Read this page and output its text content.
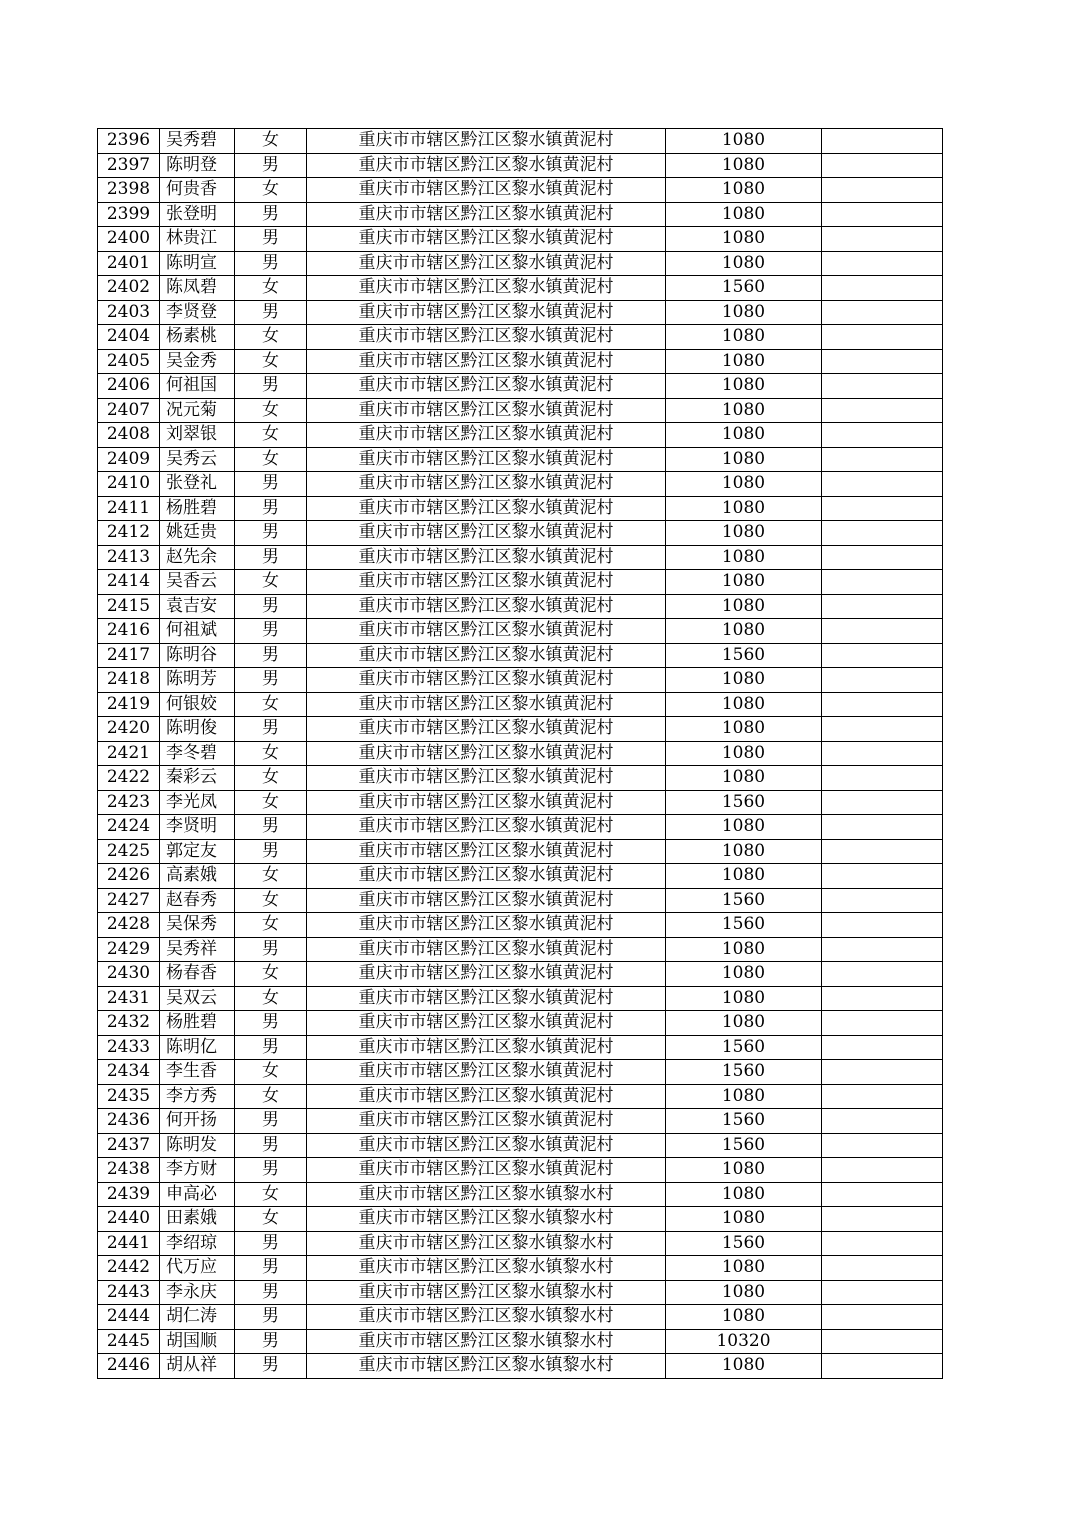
2396	吴秀碧	女	重庆市市辖区黔江区黎水镇黄泥村	1080	
2397	陈明登	男	重庆市市辖区黔江区黎水镇黄泥村	1080	
2398	何贵香	女	重庆市市辖区黔江区黎水镇黄泥村	1080	
2399	张登明	男	重庆市市辖区黔江区黎水镇黄泥村	1080	
2400	林贵江	男	重庆市市辖区黔江区黎水镇黄泥村	1080	
2401	陈明宣	男	重庆市市辖区黔江区黎水镇黄泥村	1080	
2402	陈凤碧	女	重庆市市辖区黔江区黎水镇黄泥村	1560	
2403	李贤登	男	重庆市市辖区黔江区黎水镇黄泥村	1080	
2404	杨素桃	女	重庆市市辖区黔江区黎水镇黄泥村	1080	
2405	吴金秀	女	重庆市市辖区黔江区黎水镇黄泥村	1080	
2406	何祖国	男	重庆市市辖区黔江区黎水镇黄泥村	1080	
2407	况元菊	女	重庆市市辖区黔江区黎水镇黄泥村	1080	
2408	刘翠银	女	重庆市市辖区黔江区黎水镇黄泥村	1080	
2409	吴秀云	女	重庆市市辖区黔江区黎水镇黄泥村	1080	
2410	张登礼	男	重庆市市辖区黔江区黎水镇黄泥村	1080	
2411	杨胜碧	男	重庆市市辖区黔江区黎水镇黄泥村	1080	
2412	姚廷贵	男	重庆市市辖区黔江区黎水镇黄泥村	1080	
2413	赵先余	男	重庆市市辖区黔江区黎水镇黄泥村	1080	
2414	吴香云	女	重庆市市辖区黔江区黎水镇黄泥村	1080	
2415	袁吉安	男	重庆市市辖区黔江区黎水镇黄泥村	1080	
2416	何祖斌	男	重庆市市辖区黔江区黎水镇黄泥村	1080	
2417	陈明谷	男	重庆市市辖区黔江区黎水镇黄泥村	1560	
2418	陈明芳	男	重庆市市辖区黔江区黎水镇黄泥村	1080	
2419	何银姣	女	重庆市市辖区黔江区黎水镇黄泥村	1080	
2420	陈明俊	男	重庆市市辖区黔江区黎水镇黄泥村	1080	
2421	李冬碧	女	重庆市市辖区黔江区黎水镇黄泥村	1080	
2422	秦彩云	女	重庆市市辖区黔江区黎水镇黄泥村	1080	
2423	李光凤	女	重庆市市辖区黔江区黎水镇黄泥村	1560	
2424	李贤明	男	重庆市市辖区黔江区黎水镇黄泥村	1080	
2425	郭定友	男	重庆市市辖区黔江区黎水镇黄泥村	1080	
2426	高素娥	女	重庆市市辖区黔江区黎水镇黄泥村	1080	
2427	赵春秀	女	重庆市市辖区黔江区黎水镇黄泥村	1560	
2428	吴保秀	女	重庆市市辖区黔江区黎水镇黄泥村	1560	
2429	吴秀祥	男	重庆市市辖区黔江区黎水镇黄泥村	1080	
2430	杨春香	女	重庆市市辖区黔江区黎水镇黄泥村	1080	
2431	吴双云	女	重庆市市辖区黔江区黎水镇黄泥村	1080	
2432	杨胜碧	男	重庆市市辖区黔江区黎水镇黄泥村	1080	
2433	陈明亿	男	重庆市市辖区黔江区黎水镇黄泥村	1560	
2434	李生香	女	重庆市市辖区黔江区黎水镇黄泥村	1560	
2435	李方秀	女	重庆市市辖区黔江区黎水镇黄泥村	1080	
2436	何开扬	男	重庆市市辖区黔江区黎水镇黄泥村	1560	
2437	陈明发	男	重庆市市辖区黔江区黎水镇黄泥村	1560	
2438	李方财	男	重庆市市辖区黔江区黎水镇黄泥村	1080	
2439	申高必	女	重庆市市辖区黔江区黎水镇黎水村	1080	
2440	田素娥	女	重庆市市辖区黔江区黎水镇黎水村	1080	
2441	李绍琼	男	重庆市市辖区黔江区黎水镇黎水村	1560	
2442	代万应	男	重庆市市辖区黔江区黎水镇黎水村	1080	
2443	李永庆	男	重庆市市辖区黔江区黎水镇黎水村	1080	
2444	胡仁涛	男	重庆市市辖区黔江区黎水镇黎水村	1080	
2445	胡国顺	男	重庆市市辖区黔江区黎水镇黎水村	10320	
2446	胡从祥	男	重庆市市辖区黔江区黎水镇黎水村	1080	
